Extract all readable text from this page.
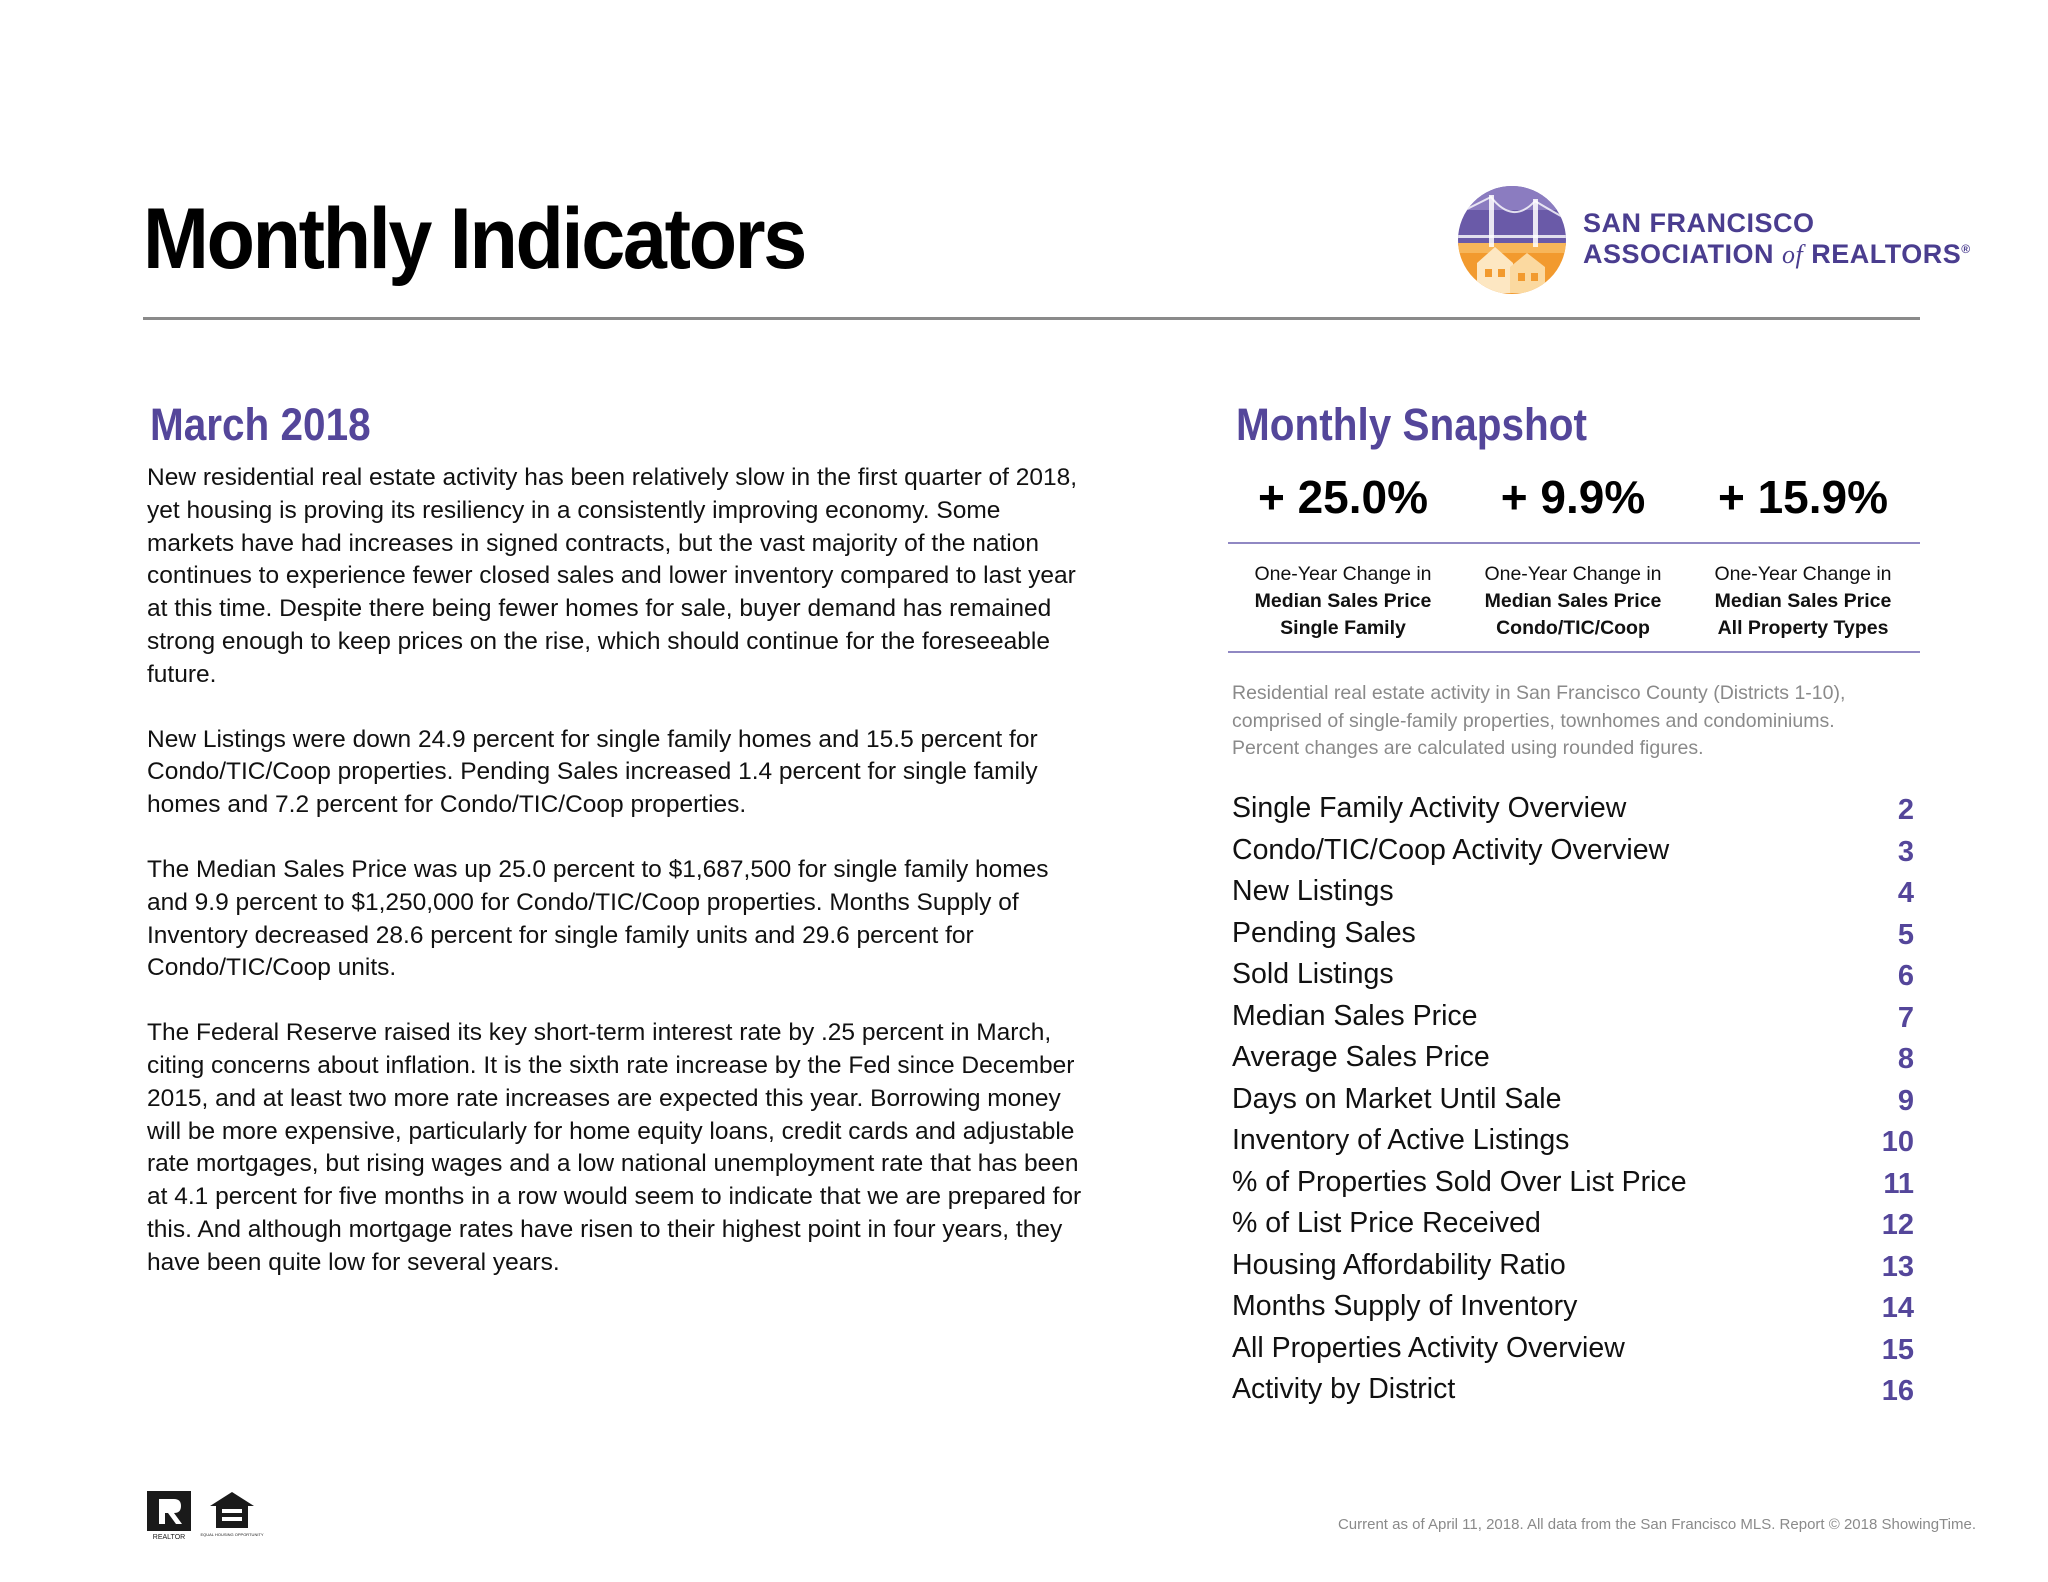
Monthly Indicators	SAN FRANCISCO
ASSOCIATION of REALTORS®
March 2018

New residential real estate activity has been relatively slow in the first quarter of 2018, yet housing is proving its resiliency in a consistently improving economy. Some markets have had increases in signed contracts, but the vast majority of the nation continues to experience fewer closed sales and lower inventory compared to last year at this time. Despite there being fewer homes for sale, buyer demand has remained strong enough to keep prices on the rise, which should continue for the foreseeable future.

New Listings were down 24.9 percent for single family homes and 15.5 percent for Condo/TIC/Coop properties. Pending Sales increased 1.4 percent for single family homes and 7.2 percent for Condo/TIC/Coop properties.

The Median Sales Price was up 25.0 percent to $1,687,500 for single family homes and 9.9 percent to $1,250,000 for Condo/TIC/Coop properties. Months Supply of Inventory decreased 28.6 percent for single family units and 29.6 percent for Condo/TIC/Coop units.

The Federal Reserve raised its key short-term interest rate by .25 percent in March, citing concerns about inflation. It is the sixth rate increase by the Fed since December 2015, and at least two more rate increases are expected this year. Borrowing money will be more expensive, particularly for home equity loans, credit cards and adjustable rate mortgages, but rising wages and a low national unemployment rate that has been at 4.1 percent for five months in a row would seem to indicate that we are prepared for this. And although mortgage rates have risen to their highest point in four years, they have been quite low for several years.

Monthly Snapshot
+ 25.0%	+ 9.9%	+ 15.9%
One-Year Change in
Median Sales Price
Single Family
One-Year Change in
Median Sales Price
Condo/TIC/Coop
One-Year Change in
Median Sales Price
All Property Types
Residential real estate activity in San Francisco County (Districts 1-10),
comprised of single-family properties, townhomes and condominiums.
Percent changes are calculated using rounded figures.
Single Family Activity Overview	2
Condo/TIC/Coop Activity Overview	3
New Listings	4
Pending Sales	5
Sold Listings	6
Median Sales Price	7
Average Sales Price	8
Days on Market Until Sale	9
Inventory of Active Listings	10
% of Properties Sold Over List Price	11
% of List Price Received	12
Housing Affordability Ratio	13
Months Supply of Inventory	14
All Properties Activity Overview	15
Activity by District	16
REALTOR	EQUAL HOUSING OPPORTUNITY
Current as of April 11, 2018. All data from the San Francisco MLS. Report © 2018 ShowingTime.
